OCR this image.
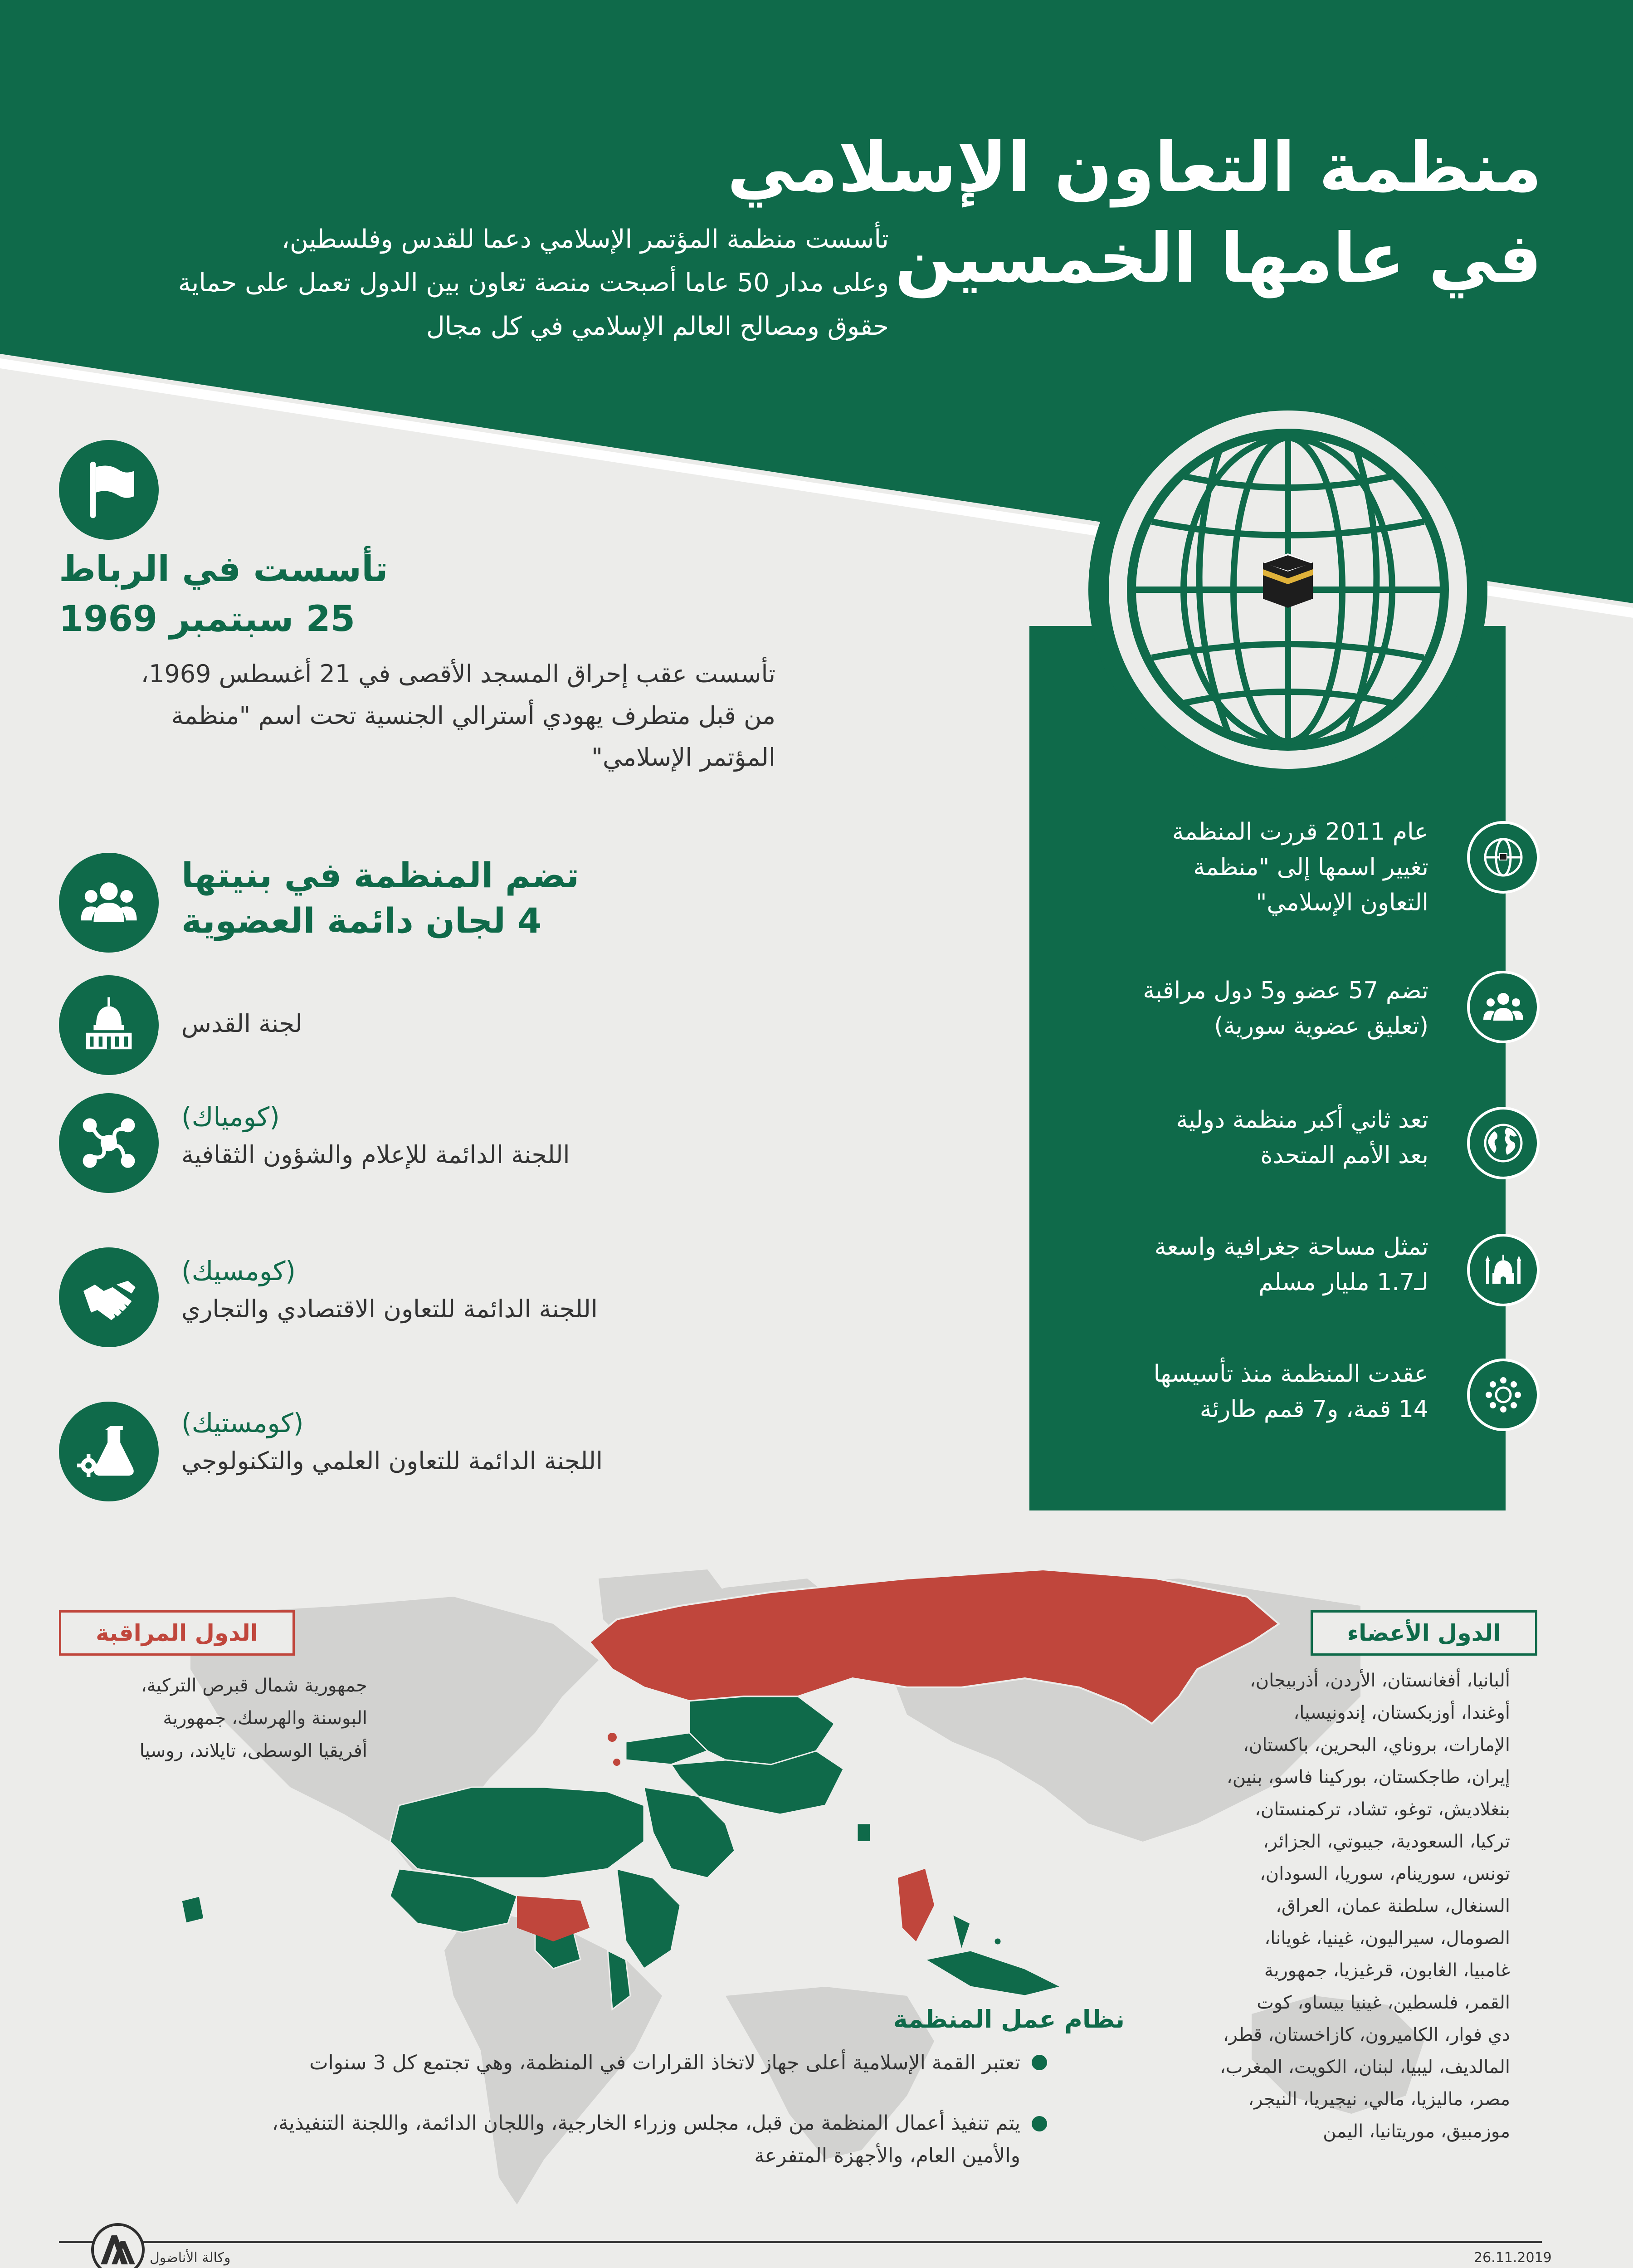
منظمة التعاون الإسلامي
في عامها الخمسين
تأسست منظمة المؤتمر الإسلامي دعما للقدس وفلسطين،
وعلى مدار 50 عاما أصبحت منصة تعاون بين الدول تعمل على حماية
حقوق ومصالح العالم الإسلامي في كل مجال
تأسست في الرباط
25 سبتمبر 1969
تأسست عقب إحراق المسجد الأقصى في 21 أغسطس 1969،
من قبل متطرف يهودي أسترالي الجنسية تحت اسم "منظمة
المؤتمر الإسلامي"
تضم المنظمة في بنيتها
4 لجان دائمة العضوية
لجنة القدس
(كومياك)
اللجنة الدائمة للإعلام والشؤون الثقافية
(كومسيك)
اللجنة الدائمة للتعاون الاقتصادي والتجاري
(كومستيك)
اللجنة الدائمة للتعاون العلمي والتكنولوجي
عام 2011 قررت المنظمة
تغيير اسمها إلى "منظمة
التعاون الإسلامي"
تضم 57 عضو و5 دول مراقبة
(تعليق عضوية سورية)
تعد ثاني أكبر منظمة دولية
بعد الأمم المتحدة
تمثل مساحة جغرافية واسعة
لـ1.7 مليار مسلم
عقدت المنظمة منذ تأسيسها
14 قمة، و7 قمم طارئة
الدول الأعضاء
ألبانيا، أفغانستان، الأردن، أذربيجان،
أوغندا، أوزبكستان، إندونيسيا،
الإمارات، بروناي، البحرين، باكستان،
إيران، طاجكستان، بوركينا فاسو، بنين،
بنغلاديش، توغو، تشاد، تركمنستان،
تركيا، السعودية، جيبوتي، الجزائر،
تونس، سورينام، سوريا، السودان،
السنغال، سلطنة عمان، العراق،
الصومال، سيراليون، غينيا، غويانا،
غامبيا، الغابون، قرغيزيا، جمهورية
القمر، فلسطين، غينيا بيساو، كوت
دي فوار، الكاميرون، كازاخستان، قطر،
المالديف، ليبيا، لبنان، الكويت، المغرب،
مصر، ماليزيا، مالي، نيجيريا، النيجر،
موزمبيق، موريتانيا، اليمن
الدول المراقبة
جمهورية شمال قبرص التركية،
البوسنة والهرسك، جمهورية
أفريقيا الوسطى، تايلاند، روسيا
نظام عمل المنظمة
تعتبر القمة الإسلامية أعلى جهاز لاتخاذ القرارات في المنظمة، وهي تجتمع كل 3 سنوات
يتم تنفيذ أعمال المنظمة من قبل، مجلس وزراء الخارجية، واللجان الدائمة، واللجنة التنفيذية،
والأمين العام، والأجهزة المتفرعة
وكالة الأناضول	26.11.2019
